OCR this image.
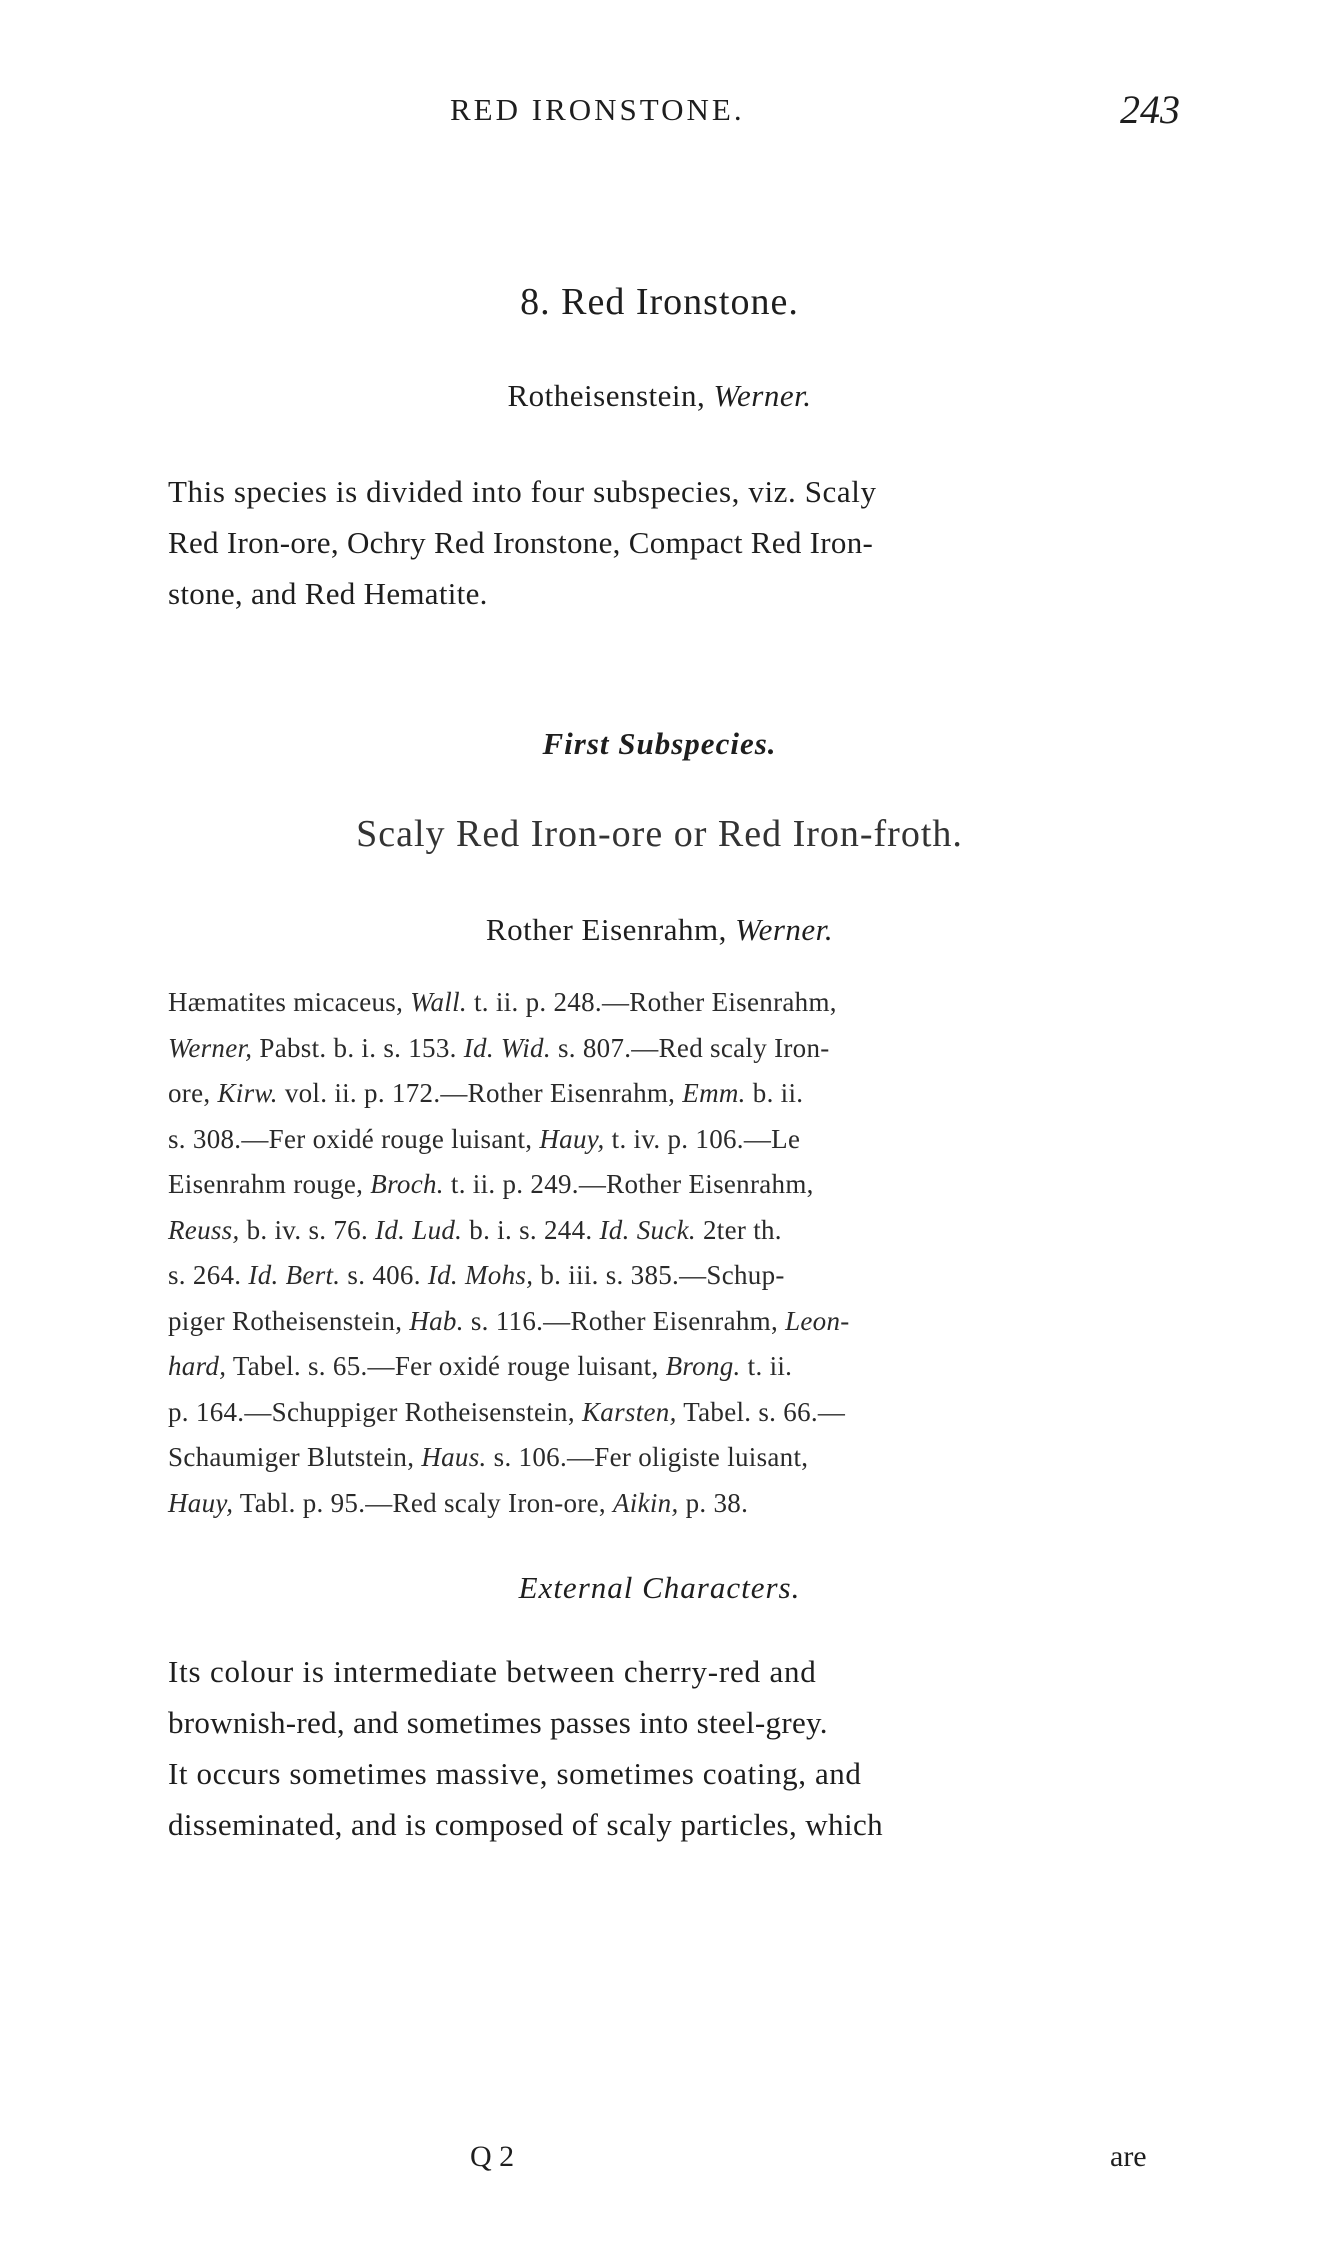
RED IRONSTONE.	243
8. Red Ironstone.
Rotheisenstein, Werner.
This species is divided into four subspecies, viz. Scaly
Red Iron-ore, Ochry Red Ironstone, Compact Red Iron-
stone, and Red Hematite.
First Subspecies.
Scaly Red Iron-ore or Red Iron-froth.
Rother Eisenrahm, Werner.
Hæmatites micaceus, Wall. t. ii. p. 248.—Rother Eisenrahm,
Werner, Pabst. b. i. s. 153. Id. Wid. s. 807.—Red scaly Iron-
ore, Kirw. vol. ii. p. 172.—Rother Eisenrahm, Emm. b. ii.
s. 308.—Fer oxidé rouge luisant, Hauy, t. iv. p. 106.—Le
Eisenrahm rouge, Broch. t. ii. p. 249.—Rother Eisenrahm,
Reuss, b. iv. s. 76. Id. Lud. b. i. s. 244. Id. Suck. 2ter th.
s. 264. Id. Bert. s. 406. Id. Mohs, b. iii. s. 385.—Schup-
piger Rotheisenstein, Hab. s. 116.—Rother Eisenrahm, Leon-
hard, Tabel. s. 65.—Fer oxidé rouge luisant, Brong. t. ii.
p. 164.—Schuppiger Rotheisenstein, Karsten, Tabel. s. 66.—
Schaumiger Blutstein, Haus. s. 106.—Fer oligiste luisant,
Hauy, Tabl. p. 95.—Red scaly Iron-ore, Aikin, p. 38.
External Characters.
Its colour is intermediate between cherry-red and
brownish-red, and sometimes passes into steel-grey.
It occurs sometimes massive, sometimes coating, and
disseminated, and is composed of scaly particles, which
Q 2	are
